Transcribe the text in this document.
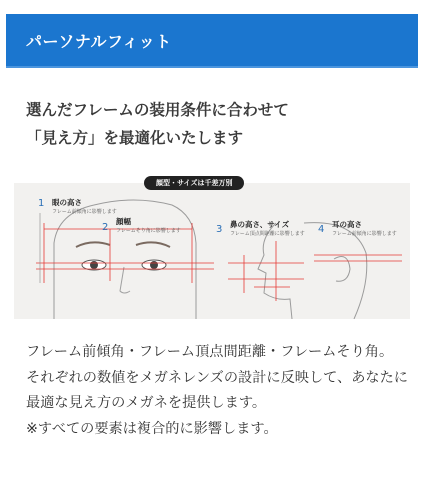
パーソナルフィット
選んだフレームの装用条件に合わせて
「見え方」を最適化いたします
顔型・サイズは千差万別
1 眼の高さ
フレーム前傾角に影響します
2
顔幅
フレームそり角に影響します	3 鼻の高さ、サイズ
フレーム頂点間距離に影響します 4 耳の高さ
フレーム前傾角に影響します

フレーム前傾角・フレーム頂点間距離・フレームそり角。

それぞれの数値をメガネレンズの設計に反映して、あなたに最適な見え方のメガネを提供します。

※すべての要素は複合的に影響します。
